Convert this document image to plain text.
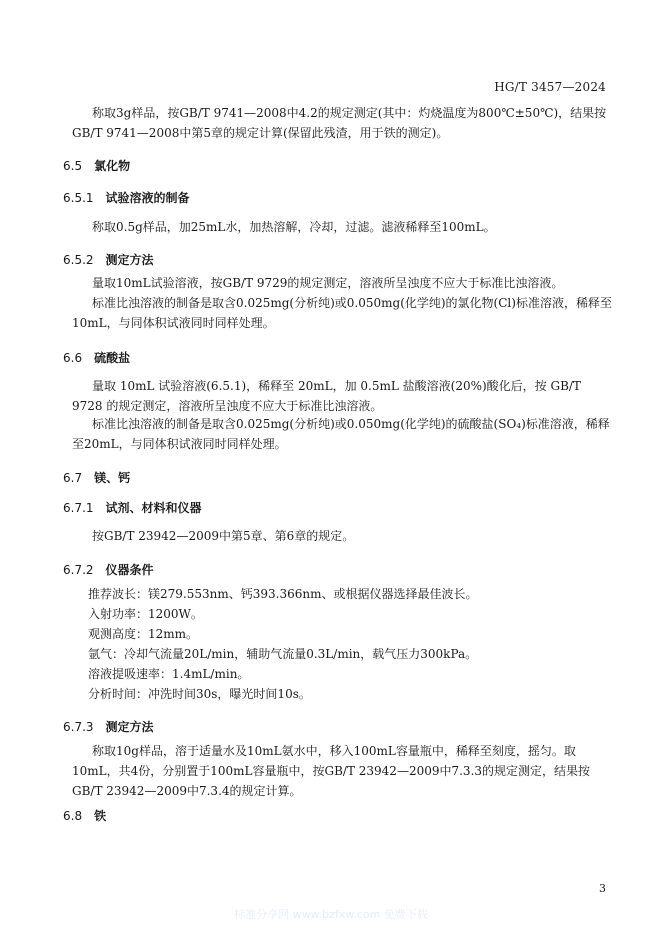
HG/T 3457—2024
称取3g样品，按GB/T 9741—2008中4.2的规定测定(其中：灼烧温度为800℃±50℃)，结果按GB/T 9741—2008中第5章的规定计算(保留此残渣，用于铁的测定)。
6.5 氯化物
6.5.1 试验溶液的制备
称取0.5g样品，加25mL水，加热溶解，冷却，过滤。滤液稀释至100mL。
6.5.2 测定方法
量取10mL试验溶液，按GB/T 9729的规定测定，溶液所呈浊度不应大于标准比浊溶液。
标准比浊溶液的制备是取含0.025mg(分析纯)或0.050mg(化学纯)的氯化物(Cl)标准溶液，稀释至10mL，与同体积试液同时同样处理。
6.6 硫酸盐
量取 10mL 试验溶液(6.5.1)，稀释至 20mL，加 0.5mL 盐酸溶液(20%)酸化后，按 GB/T 9728 的规定测定，溶液所呈浊度不应大于标准比浊溶液。
标准比浊溶液的制备是取含0.025mg(分析纯)或0.050mg(化学纯)的硫酸盐(SO₄)标准溶液，稀释至20mL，与同体积试液同时同样处理。
6.7 镁、钙
6.7.1 试剂、材料和仪器
按GB/T 23942—2009中第5章、第6章的规定。
6.7.2 仪器条件
推荐波长：镁279.553nm、钙393.366nm、或根据仪器选择最佳波长。
入射功率：1200W。
观测高度：12mm。
氩气：冷却气流量20L/min，辅助气流量0.3L/min，载气压力300kPa。
溶液提吸速率：1.4mL/min。
分析时间：冲洗时间30s，曝光时间10s。
6.7.3 测定方法
称取10g样品，溶于适量水及10mL氨水中，移入100mL容量瓶中，稀释至刻度，摇匀。取10mL，共4份，分别置于100mL容量瓶中，按GB/T 23942—2009中7.3.3的规定测定，结果按GB/T 23942—2009中7.3.4的规定计算。
6.8 铁
3
标准分享网 www.bzfxw.com 免费下载
